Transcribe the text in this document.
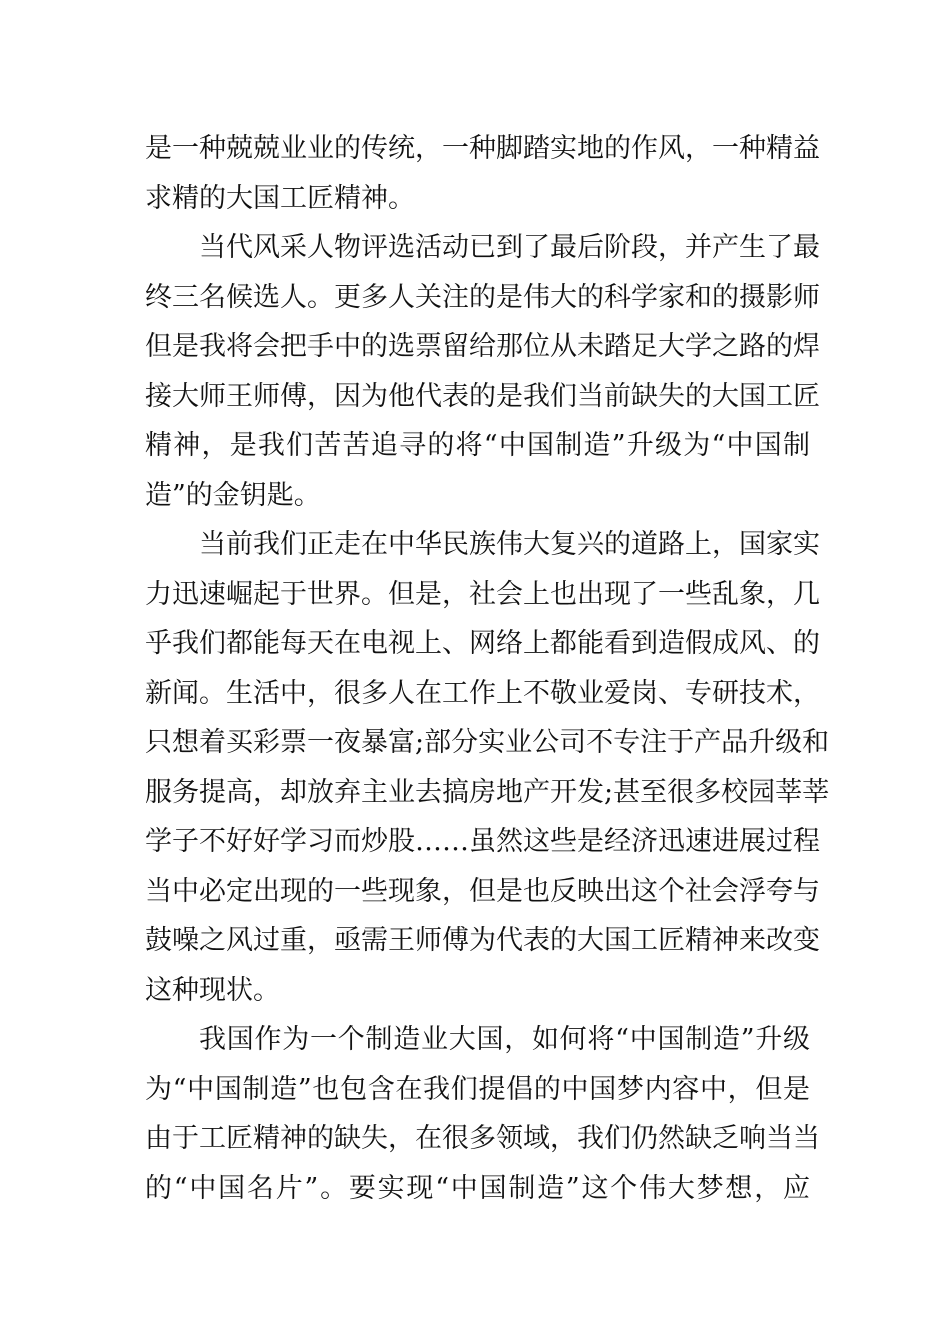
是一种兢兢业业的传统，一种脚踏实地的作风，一种精益
求精的大国工匠精神。
当代风采人物评选活动已到了最后阶段，并产生了最
终三名候选人。更多人关注的是伟大的科学家和的摄影师
但是我将会把手中的选票留给那位从未踏足大学之路的焊
接大师王师傅，因为他代表的是我们当前缺失的大国工匠
精神，是我们苦苦追寻的将“中国制造”升级为“中国制
造”的金钥匙。
当前我们正走在中华民族伟大复兴的道路上，国家实
力迅速崛起于世界。但是，社会上也出现了一些乱象，几
乎我们都能每天在电视上、网络上都能看到造假成风、的
新闻。生活中，很多人在工作上不敬业爱岗、专研技术，
只想着买彩票一夜暴富;部分实业公司不专注于产品升级和
服务提高，却放弃主业去搞房地产开发;甚至很多校园莘莘
学子不好好学习而炒股……虽然这些是经济迅速进展过程
当中必定出现的一些现象，但是也反映出这个社会浮夸与
鼓噪之风过重，亟需王师傅为代表的大国工匠精神来改变
这种现状。
我国作为一个制造业大国，如何将“中国制造”升级
为“中国制造”也包含在我们提倡的中国梦内容中，但是
由于工匠精神的缺失，在很多领域，我们仍然缺乏响当当
的“中国名片”。要实现“中国制造”这个伟大梦想，应
